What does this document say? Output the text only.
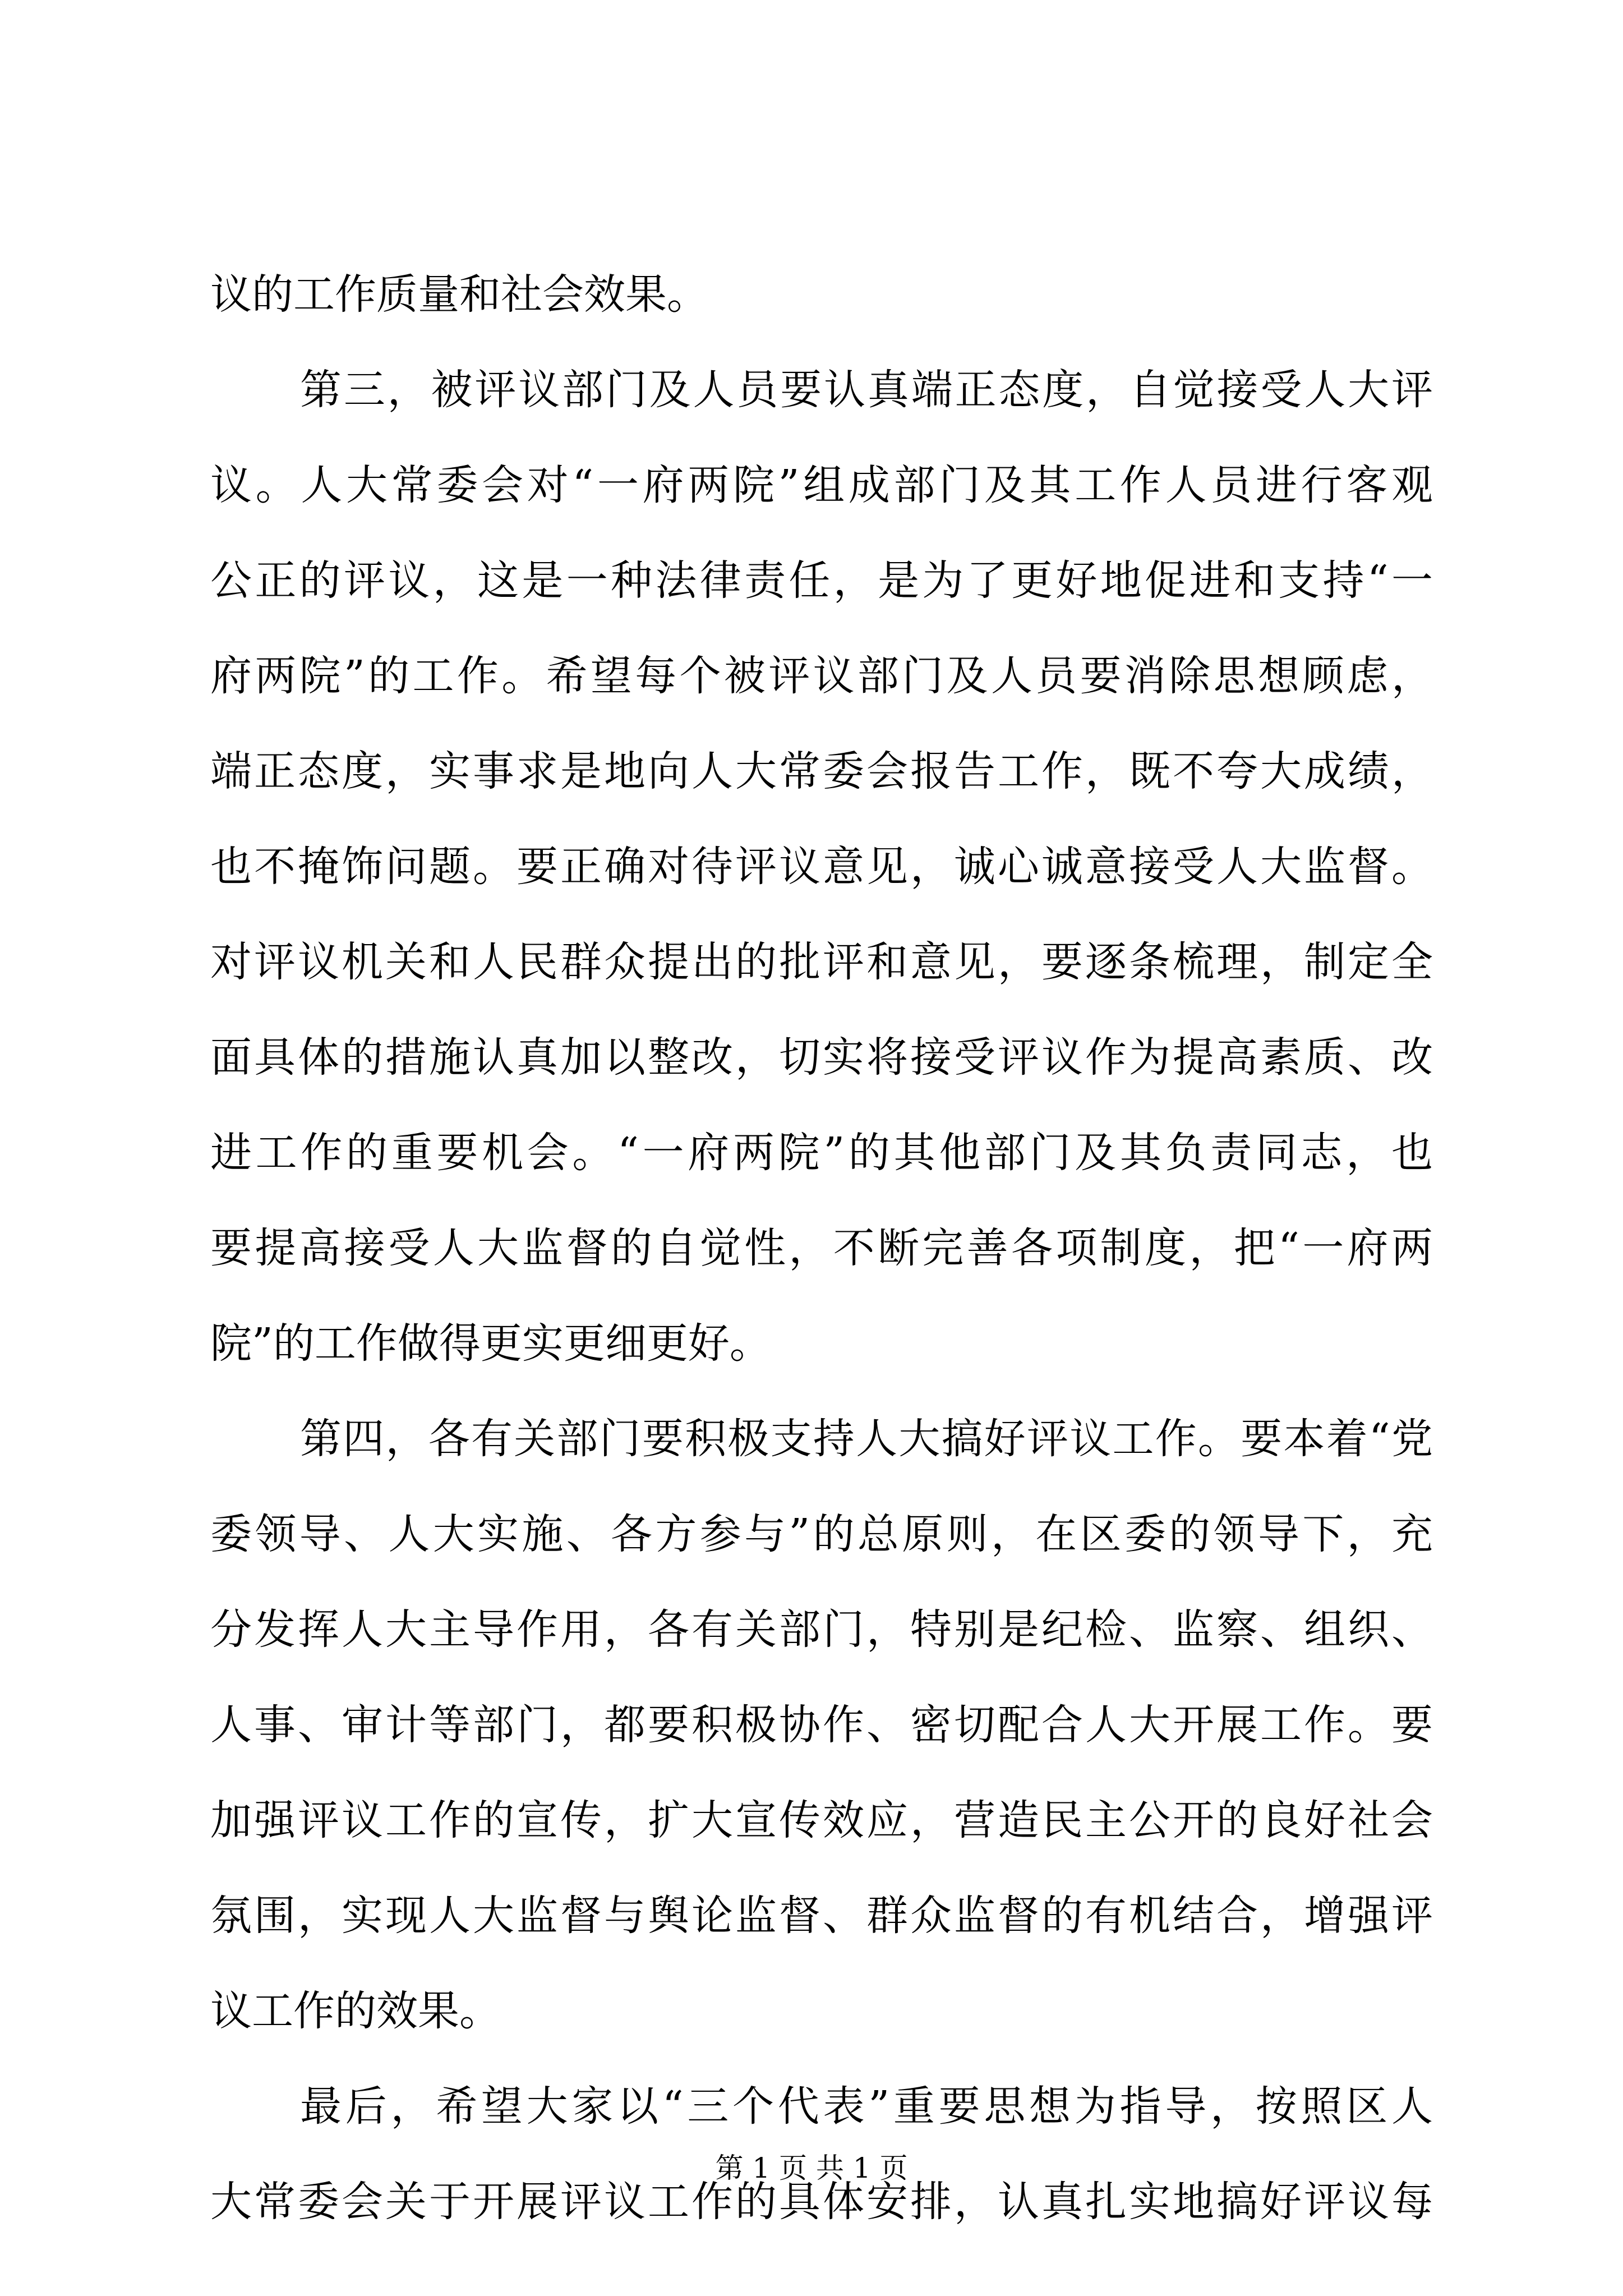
议的工作质量和社会效果。
第三，被评议部门及人员要认真端正态度，自觉接受人大评
议。人大常委会对“一府两院”组成部门及其工作人员进行客观
公正的评议，这是一种法律责任，是为了更好地促进和支持“一
府两院”的工作。希望每个被评议部门及人员要消除思想顾虑，
端正态度，实事求是地向人大常委会报告工作，既不夸大成绩，
也不掩饰问题。要正确对待评议意见，诚心诚意接受人大监督。
对评议机关和人民群众提出的批评和意见，要逐条梳理，制定全
面具体的措施认真加以整改，切实将接受评议作为提高素质、改
进工作的重要机会。“一府两院”的其他部门及其负责同志，也
要提高接受人大监督的自觉性，不断完善各项制度，把“一府两
院”的工作做得更实更细更好。
第四，各有关部门要积极支持人大搞好评议工作。要本着“党
委领导、人大实施、各方参与”的总原则，在区委的领导下，充
分发挥人大主导作用，各有关部门，特别是纪检、监察、组织、
人事、审计等部门，都要积极协作、密切配合人大开展工作。要
加强评议工作的宣传，扩大宣传效应，营造民主公开的良好社会
氛围，实现人大监督与舆论监督、群众监督的有机结合，增强评
议工作的效果。
最后，希望大家以“三个代表”重要思想为指导，按照区人
大常委会关于开展评议工作的具体安排，认真扎实地搞好评议每
第 1 页 共 1 页
